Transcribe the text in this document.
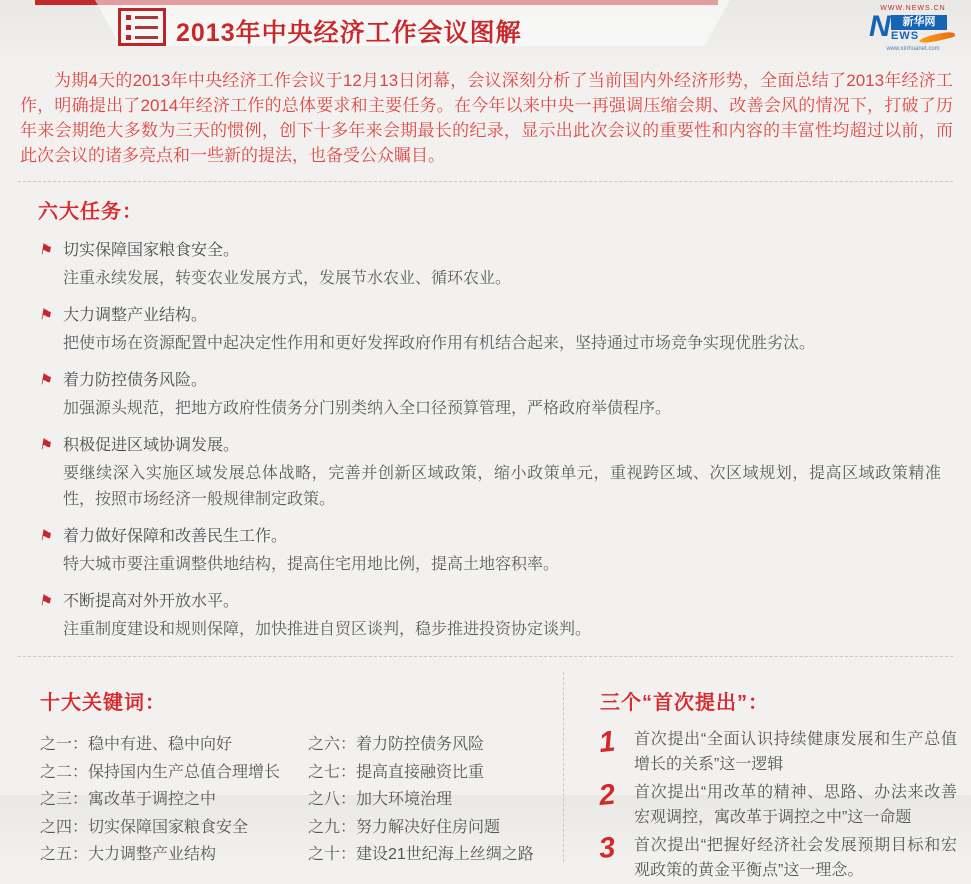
2013年中央经济工作会议图解
WWW.NEWS.CN
N	新华网
EWS
www.xinhuanet.com

为期4天的2013年中央经济工作会议于12月13日闭幕，会议深刻分析了当前国内外经济形势，全面总结了2013年经济工作，明确提出了2014年经济工作的总体要求和主要任务。在今年以来中央一再强调压缩会期、改善会风的情况下，打破了历年来会期绝大多数为三天的惯例，创下十多年来会期最长的纪录，显示出此次会议的重要性和内容的丰富性均超过以前，而此次会议的诸多亮点和一些新的提法，也备受公众瞩目。

六大任务：
⚑ 切实保障国家粮食安全。
注重永续发展，转变农业发展方式，发展节水农业、循环农业。
⚑ 大力调整产业结构。
把使市场在资源配置中起决定性作用和更好发挥政府作用有机结合起来，坚持通过市场竞争实现优胜劣汰。
⚑ 着力防控债务风险。
加强源头规范，把地方政府性债务分门别类纳入全口径预算管理，严格政府举债程序。
⚑ 积极促进区域协调发展。
要继续深入实施区域发展总体战略，完善并创新区域政策，缩小政策单元，重视跨区域、次区域规划，提高区域政策精准性，按照市场经济一般规律制定政策。
⚑ 着力做好保障和改善民生工作。
特大城市要注重调整供地结构，提高住宅用地比例，提高土地容积率。
⚑ 不断提高对外开放水平。
注重制度建设和规则保障，加快推进自贸区谈判，稳步推进投资协定谈判。
十大关键词：
之一：稳中有进、稳中向好
之二：保持国内生产总值合理增长
之三：寓改革于调控之中
之四：切实保障国家粮食安全
之五：大力调整产业结构
之六：着力防控债务风险
之七：提高直接融资比重
之八：加大环境治理
之九：努力解决好住房问题
之十：建设21世纪海上丝绸之路
三个“首次提出”：
1	首次提出“全面认识持续健康发展和生产总值增长的关系”这一逻辑
2	首次提出“用改革的精神、思路、办法来改善宏观调控，寓改革于调控之中”这一命题
3	首次提出“把握好经济社会发展预期目标和宏观政策的黄金平衡点”这一理念。
